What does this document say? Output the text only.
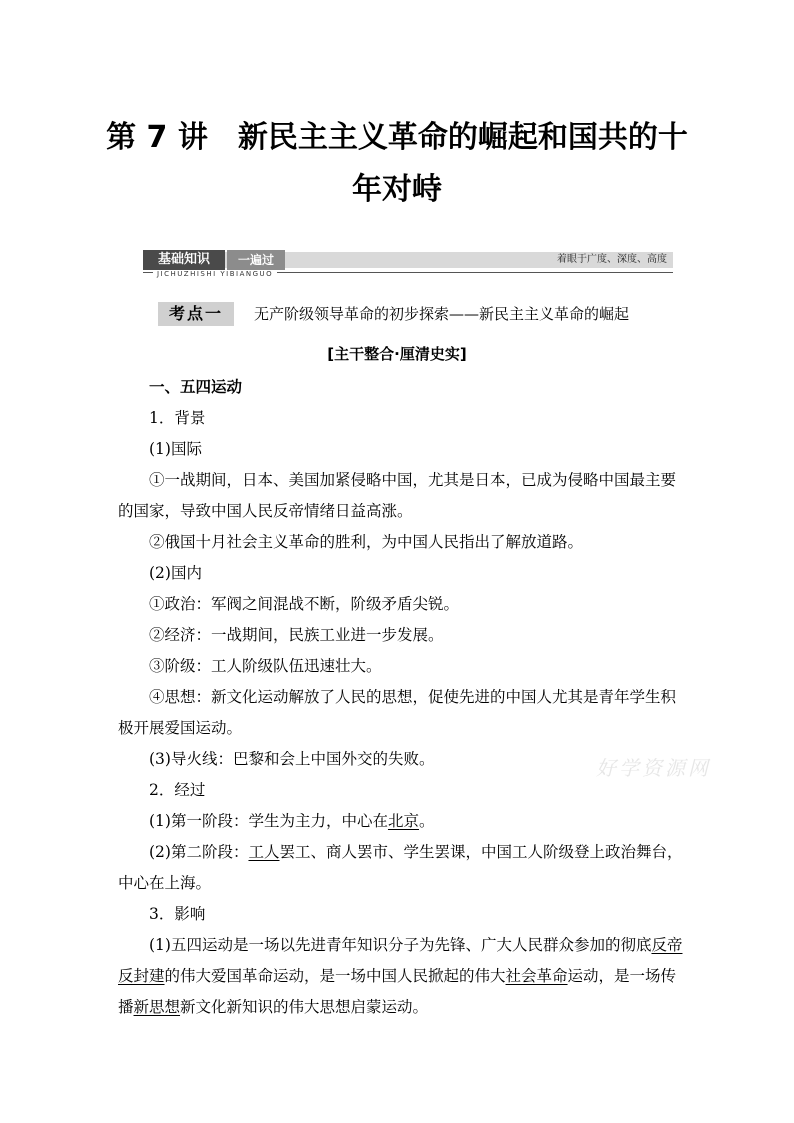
第 7 讲　新民主主义革命的崛起和国共的十
年对峙
基础知识	一遍过	着眼于广度、深度、高度
JICHUZHISHI YIBIANGUO
考点一	无产阶级领导革命的初步探索——新民主主义革命的崛起
[主干整合·厘清史实]

一、五四运动

1．背景

(1)国际

①一战期间，日本、美国加紧侵略中国，尤其是日本，已成为侵略中国最主要的国家，导致中国人民反帝情绪日益高涨。

②俄国十月社会主义革命的胜利，为中国人民指出了解放道路。

(2)国内

①政治：军阀之间混战不断，阶级矛盾尖锐。

②经济：一战期间，民族工业进一步发展。

③阶级：工人阶级队伍迅速壮大。

④思想：新文化运动解放了人民的思想，促使先进的中国人尤其是青年学生积极开展爱国运动。

(3)导火线：巴黎和会上中国外交的失败。

2．经过

(1)第一阶段：学生为主力，中心在北京。

(2)第二阶段：工人罢工、商人罢市、学生罢课，中国工人阶级登上政治舞台，中心在上海。

3．影响

(1)五四运动是一场以先进青年知识分子为先锋、广大人民群众参加的彻底反帝反封建的伟大爱国革命运动，是一场中国人民掀起的伟大社会革命运动，是一场传播新思想新文化新知识的伟大思想启蒙运动。

好学资源网
